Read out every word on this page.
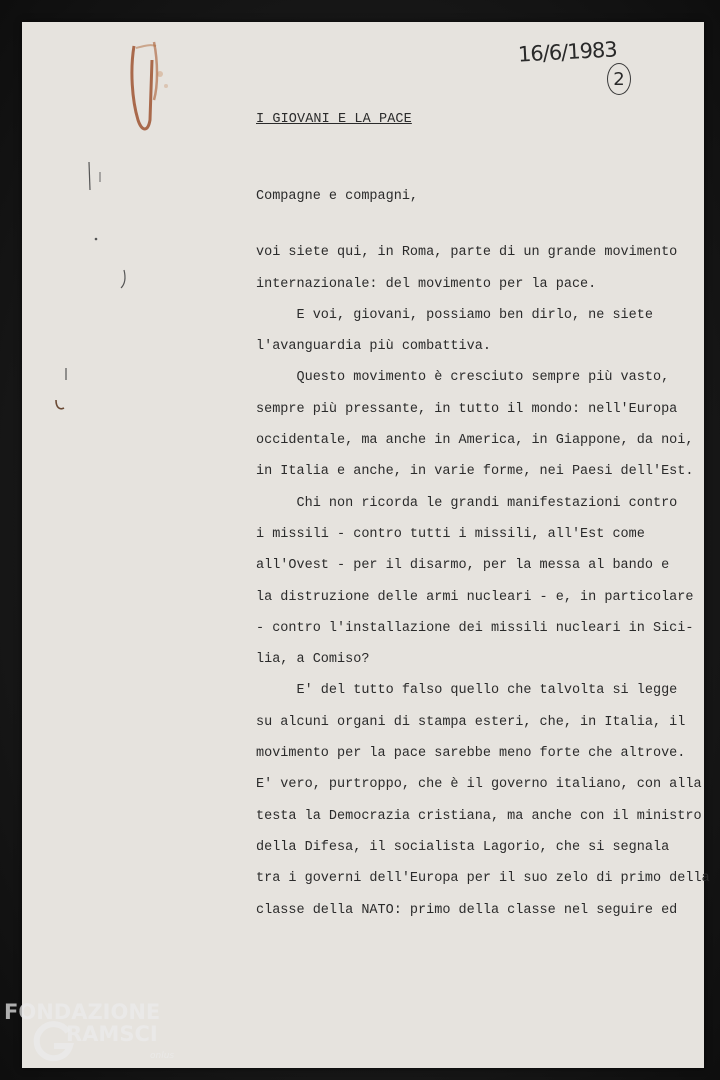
16/6/1983
2
I GIOVANI E LA PACE
Compagne e compagni,
voi siete qui, in Roma, parte di un grande movimento
internazionale: del movimento per la pace.
E voi, giovani, possiamo ben dirlo, ne siete
l'avanguardia più combattiva.
Questo movimento è cresciuto sempre più vasto,
sempre più pressante, in tutto il mondo: nell'Europa
occidentale, ma anche in America, in Giappone, da noi,
in Italia e anche, in varie forme, nei Paesi dell'Est.
Chi non ricorda le grandi manifestazioni contro
i missili - contro tutti i missili, all'Est come
all'Ovest - per il disarmo, per la messa al bando e
la distruzione delle armi nucleari - e, in particolare
- contro l'installazione dei missili nucleari in Sici-
lia, a Comiso?
E' del tutto falso quello che talvolta si legge
su alcuni organi di stampa esteri, che, in Italia, il
movimento per la pace sarebbe meno forte che altrove.
E' vero, purtroppo, che è il governo italiano, con alla
testa la Democrazia cristiana, ma anche con il ministro
della Difesa, il socialista Lagorio, che si segnala
tra i governi dell'Europa per il suo zelo di primo della
classe della NATO: primo della classe nel seguire ed
FONDAZIONE
RAMSCI
onlus
